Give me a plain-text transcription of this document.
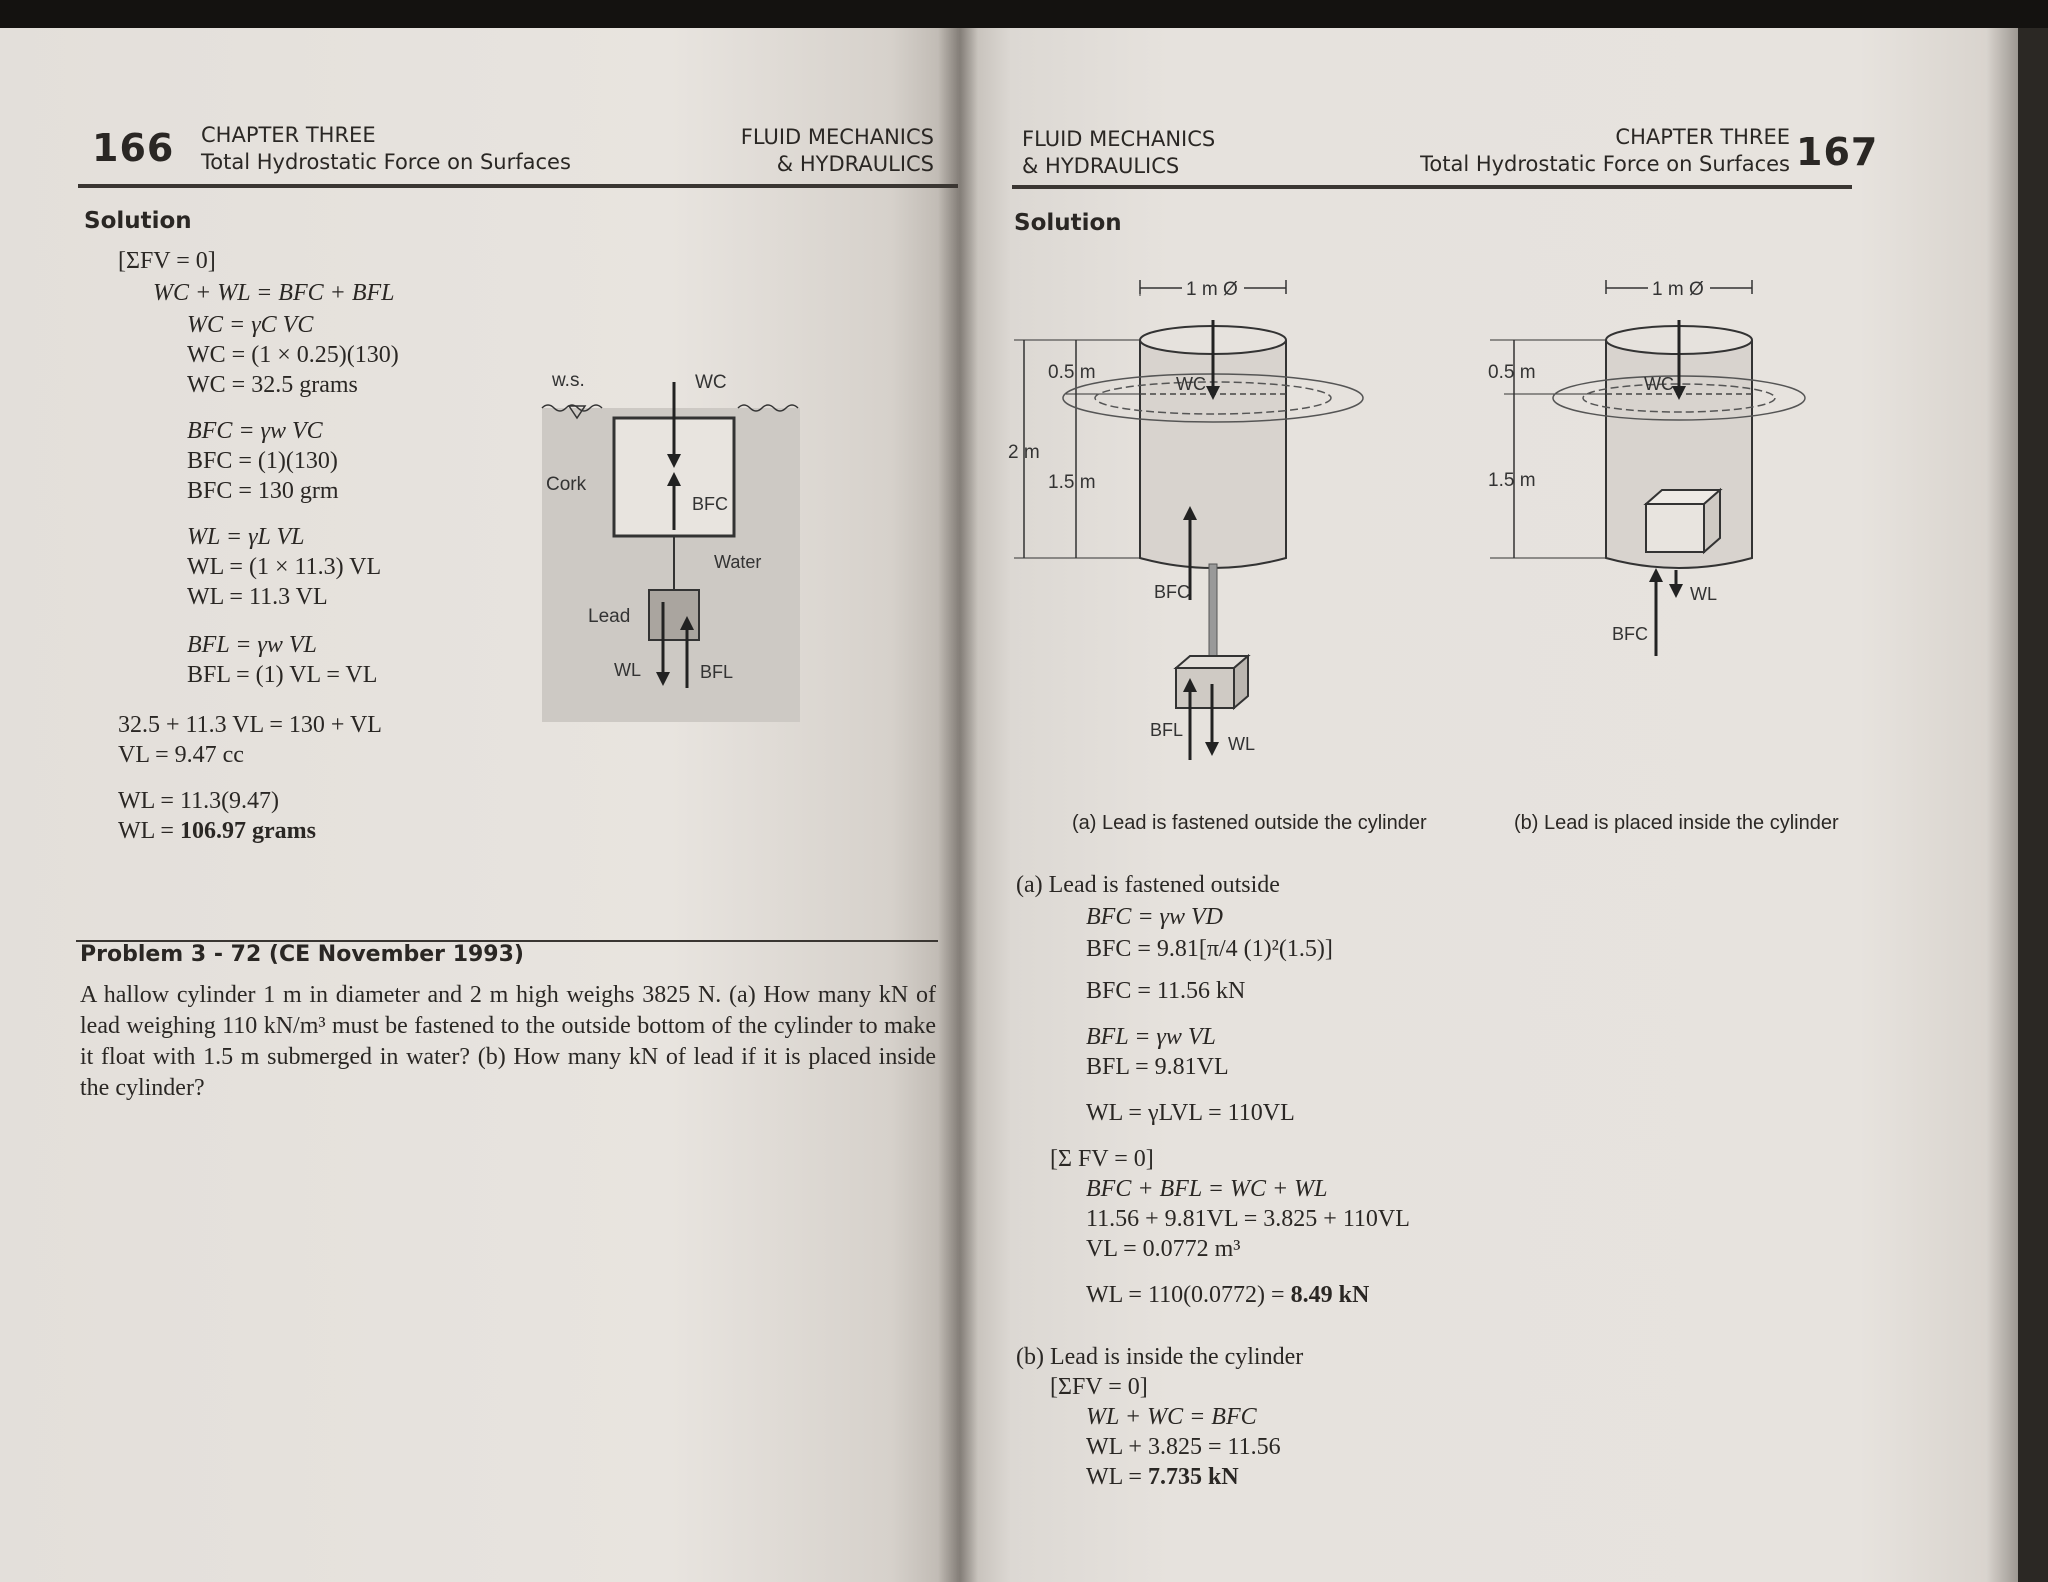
166 CHAPTER THREE
Total Hydrostatic Force on Surfaces
FLUID MECHANICS
& HYDRAULICS
Solution
[ΣFV = 0]
WC + WL = BFC + BFL
WC = γC VC
WC = (1 × 0.25)(130)
WC = 32.5 grams
BFC = γw VC
BFC = (1)(130)
BFC = 130 grm
WL = γL VL
WL = (1 × 11.3) VL
WL = 11.3 VL
BFL = γw VL
BFL = (1) VL = VL
32.5 + 11.3 VL = 130 + VL
VL = 9.47 cc
WL = 11.3(9.47)
WL = 106.97 grams
w.s.	WC
Cork
BFC
Water
Lead
WL	BFL
Problem 3 - 72 (CE November 1993)
A hallow cylinder 1 m in diameter and 2 m high weighs 3825 N. (a) How many kN of lead weighing 110 kN/m³ must be fastened to the outside bottom of the cylinder to make it float with 1.5 m submerged in water? (b) How many kN of lead if it is placed inside the cylinder?
FLUID MECHANICS
& HYDRAULICS
CHAPTER THREE
Total Hydrostatic Force on Surfaces 167
Solution
1 m Ø
2 m
0.5 m
1.5 m
WC
BFC
BFL
WL
(a) Lead is fastened outside the cylinder
1 m Ø
0.5 m
1.5 m
WC
WL
BFC
(b) Lead is placed inside the cylinder
(a) Lead is fastened outside
BFC = γw VD
BFC = 9.81[π/4 (1)²(1.5)]
BFC = 11.56 kN
BFL = γw VL
BFL = 9.81VL
WL = γLVL = 110VL
[Σ FV = 0]
BFC + BFL = WC + WL
11.56 + 9.81VL = 3.825 + 110VL
VL = 0.0772 m³
WL = 110(0.0772) = 8.49 kN
(b) Lead is inside the cylinder
[ΣFV = 0]
WL + WC = BFC
WL + 3.825 = 11.56
WL = 7.735 kN
